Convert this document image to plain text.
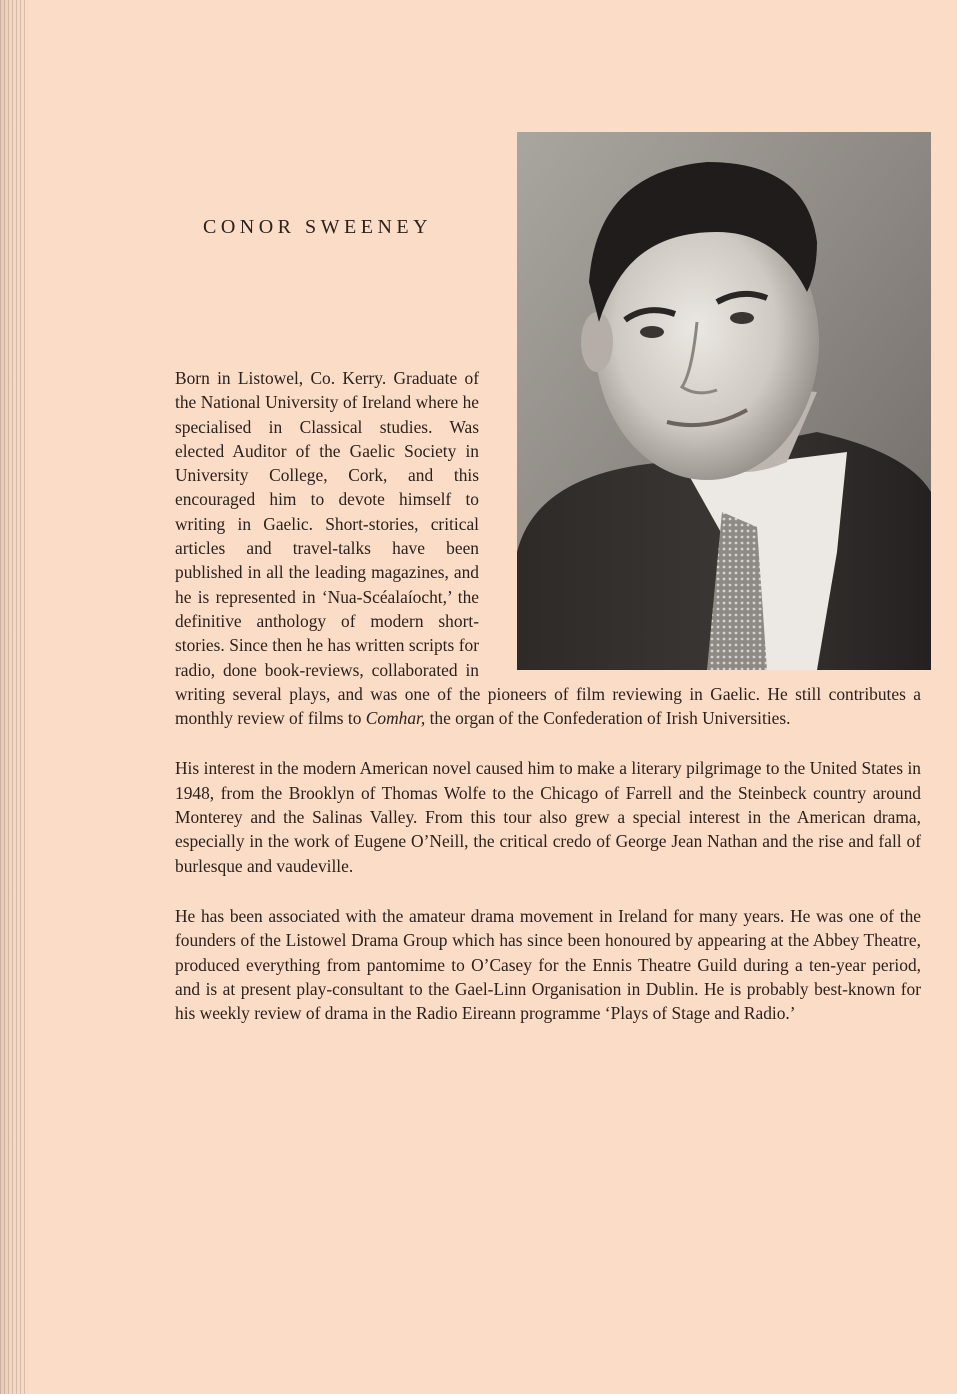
CONOR SWEENEY

Born in Listowel, Co. Kerry. Graduate of the National University of Ireland where he specialised in Classical studies. Was elected Auditor of the Gaelic Society in University College, Cork, and this encouraged him to devote himself to writing in Gaelic. Short-stories, critical articles and travel-talks have been published in all the leading magazines, and he is represented in ‘Nua-Scéalaíocht,’ the definitive anthology of modern short-stories. Since then he has written scripts for radio, done book-reviews, collaborated in writing several plays, and was one of the pioneers of film reviewing in Gaelic. He still contributes a monthly review of films to Comhar, the organ of the Confederation of Irish Universities.

His interest in the modern American novel caused him to make a literary pilgrimage to the United States in 1948, from the Brooklyn of Thomas Wolfe to the Chicago of Farrell and the Steinbeck country around Monterey and the Salinas Valley. From this tour also grew a special interest in the American drama, especially in the work of Eugene O’Neill, the critical credo of George Jean Nathan and the rise and fall of burlesque and vaudeville.

He has been associated with the amateur drama movement in Ireland for many years. He was one of the founders of the Listowel Drama Group which has since been honoured by appearing at the Abbey Theatre, produced everything from pantomime to O’Casey for the Ennis Theatre Guild during a ten-year period, and is at present play-consultant to the Gael-Linn Organisation in Dublin. He is probably best-known for his weekly review of drama in the Radio Eireann programme ‘Plays of Stage and Radio.’
